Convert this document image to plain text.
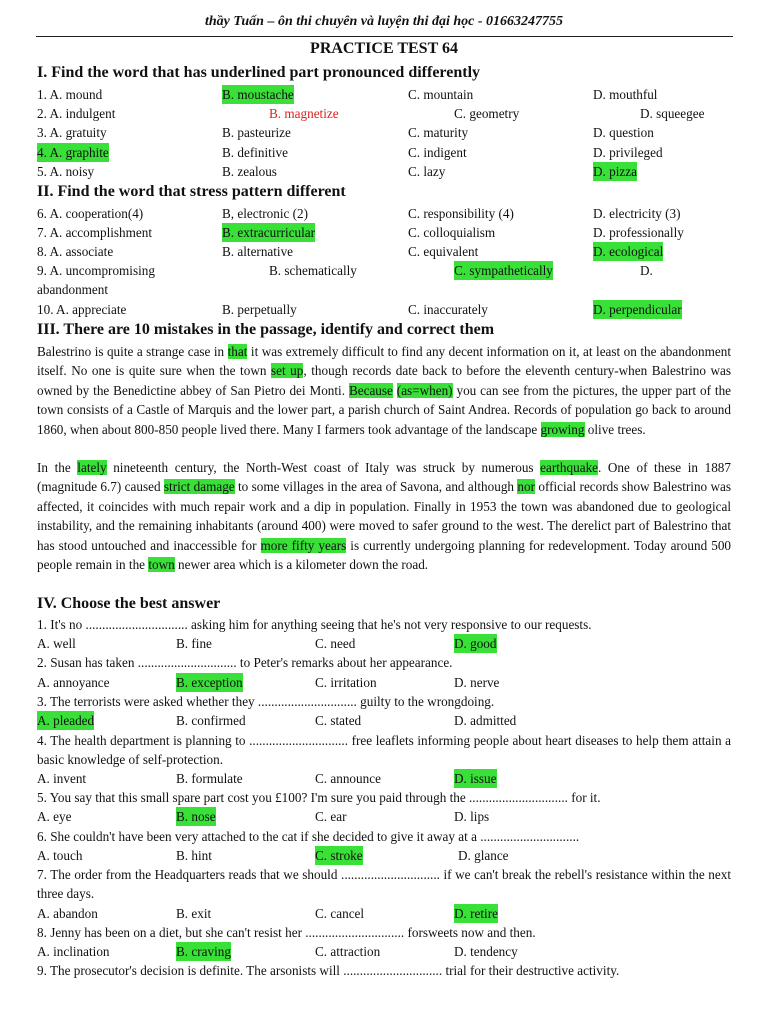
thầy Tuấn – ôn thi chuyên và luyện thi đại học - 01663247755
PRACTICE TEST 64
I. Find the word that has underlined part pronounced differently
1. A. mound	B. moustache	C. mountain	D. mouthful
2. A. indulgent	B. magnetize	C. geometry	D. squeegee
3. A. gratuity	B. pasteurize	C. maturity	D. question
4. A. graphite	B. definitive	C. indigent	D. privileged
5. A. noisy	B. zealous	C. lazy	D. pizza
II. Find the word that stress pattern different
6. A. cooperation(4)	B, electronic (2)	C. responsibility (4)	D. electricity (3)
7. A. accomplishment	B. extracurricular	C. colloquialism	D. professionally
8. A. associate	B. alternative	C. equivalent	D. ecological
9. A. uncompromising	B. schematically	C. sympathetically	D.
abandonment
10. A. appreciate	B. perpetually	C. inaccurately	D. perpendicular
III. There are 10 mistakes in the passage, identify and correct them
Balestrino is quite a strange case in that it was extremely difficult to find any decent information on it, at least on the abandonment itself. No one is quite sure when the town set up, though records date back to before the eleventh century-when Balestrino was owned by the Benedictine abbey of San Pietro dei Monti. Because (as=when) you can see from the pictures, the upper part of the town consists of a Castle of Marquis and the lower part, a parish church of Saint Andrea. Records of population go back to around 1860, when about 800-850 people lived there. Many I farmers took advantage of the landscape growing olive trees.
In the lately nineteenth century, the North-West coast of Italy was struck by numerous earthquake. One of these in 1887 (magnitude 6.7) caused strict damage to some villages in the area of Savona, and although nor official records show Balestrino was affected, it coincides with much repair work and a dip in population. Finally in 1953 the town was abandoned due to geological instability, and the remaining inhabitants (around 400) were moved to safer ground to the west. The derelict part of Balestrino that has stood untouched and inaccessible for more fifty years is currently undergoing planning for redevelopment. Today around 500 people remain in the town newer area which is a kilometer down the road.
IV. Choose the best answer
1. It's no ............................... asking him for anything seeing that he's not very responsive to our requests.
A. well	B. fine	C. need	D. good
2. Susan has taken .............................. to Peter's remarks about her appearance.
A. annoyance	B. exception	C. irritation	D. nerve
3. The terrorists were asked whether they .............................. guilty to the wrongdoing.
A. pleaded	B. confirmed	C. stated	D. admitted
4. The health department is planning to .............................. free leaflets informing people about heart diseases to help them attain a basic knowledge of self-protection.
A. invent	B. formulate	C. announce	D. issue
5. You say that this small spare part cost you £100? I'm sure you paid through the .............................. for it.
A. eye	B. nose	C. ear	D. lips
6. She couldn't have been very attached to the cat if she decided to give it away at a ..............................
A. touch	B. hint	C. stroke	D. glance
7. The order from the Headquarters reads that we should .............................. if we can't break the rebell's resistance within the next three days.
A. abandon	B. exit	C. cancel	D. retire
8. Jenny has been on a diet, but she can't resist her .............................. forsweets now and then.
A. inclination	B. craving	C. attraction	D. tendency
9. The prosecutor's decision is definite. The arsonists will .............................. trial for their destructive activity.
